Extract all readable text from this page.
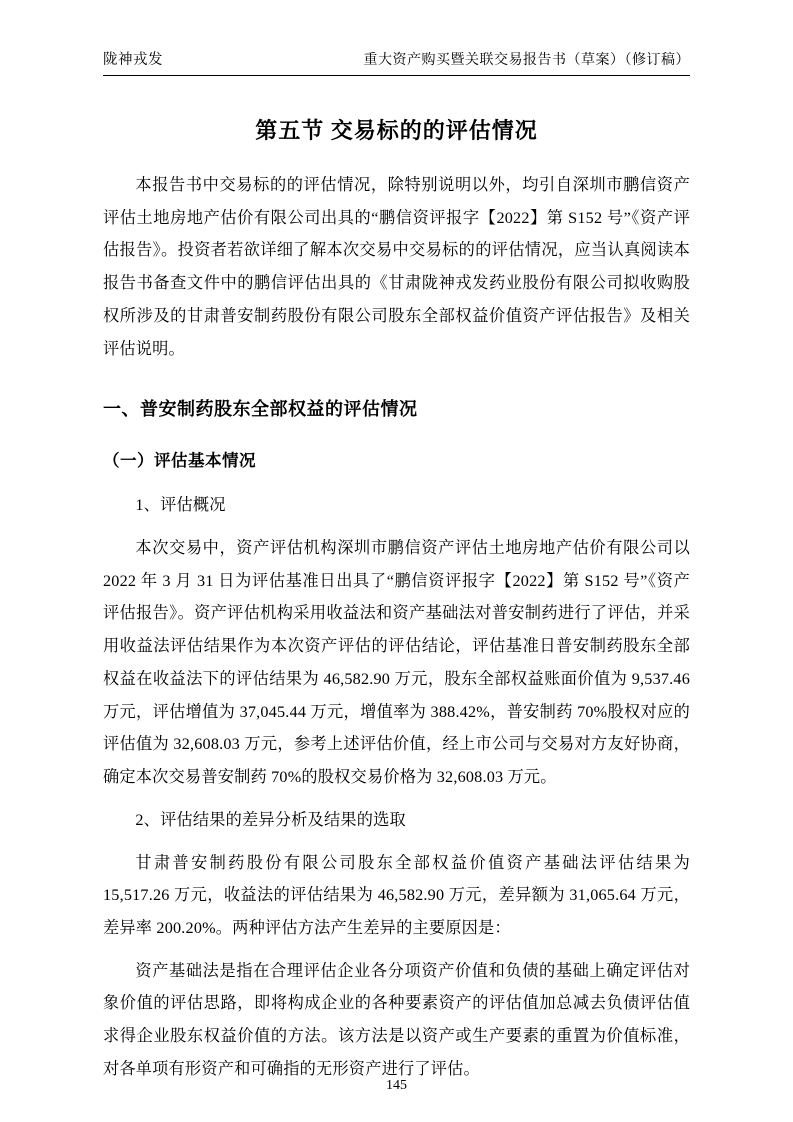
陇神戎发	重大资产购买暨关联交易报告书（草案）（修订稿）
第五节 交易标的的评估情况

本报告书中交易标的的评估情况，除特别说明以外，均引自深圳市鹏信资产评估土地房地产估价有限公司出具的“鹏信资评报字【2022】第 S152 号”《资产评估报告》。投资者若欲详细了解本次交易中交易标的的评估情况，应当认真阅读本报告书备查文件中的鹏信评估出具的《甘肃陇神戎发药业股份有限公司拟收购股权所涉及的甘肃普安制药股份有限公司股东全部权益价值资产评估报告》及相关评估说明。

一、普安制药股东全部权益的评估情况
（一）评估基本情况

1、评估概况

本次交易中，资产评估机构深圳市鹏信资产评估土地房地产估价有限公司以 2022 年 3 月 31 日为评估基准日出具了“鹏信资评报字【2022】第 S152 号”《资产评估报告》。资产评估机构采用收益法和资产基础法对普安制药进行了评估，并采用收益法评估结果作为本次资产评估的评估结论，评估基准日普安制药股东全部权益在收益法下的评估结果为 46,582.90 万元，股东全部权益账面价值为 9,537.46 万元，评估增值为 37,045.44 万元，增值率为 388.42%，普安制药 70%股权对应的评估值为 32,608.03 万元，参考上述评估价值，经上市公司与交易对方友好协商，确定本次交易普安制药 70%的股权交易价格为 32,608.03 万元。

2、评估结果的差异分析及结果的选取

甘肃普安制药股份有限公司股东全部权益价值资产基础法评估结果为 15,517.26 万元，收益法的评估结果为 46,582.90 万元，差异额为 31,065.64 万元，差异率 200.20%。两种评估方法产生差异的主要原因是：

资产基础法是指在合理评估企业各分项资产价值和负债的基础上确定评估对象价值的评估思路，即将构成企业的各种要素资产的评估值加总减去负债评估值求得企业股东权益价值的方法。该方法是以资产或生产要素的重置为价值标准，对各单项有形资产和可确指的无形资产进行了评估。

145
